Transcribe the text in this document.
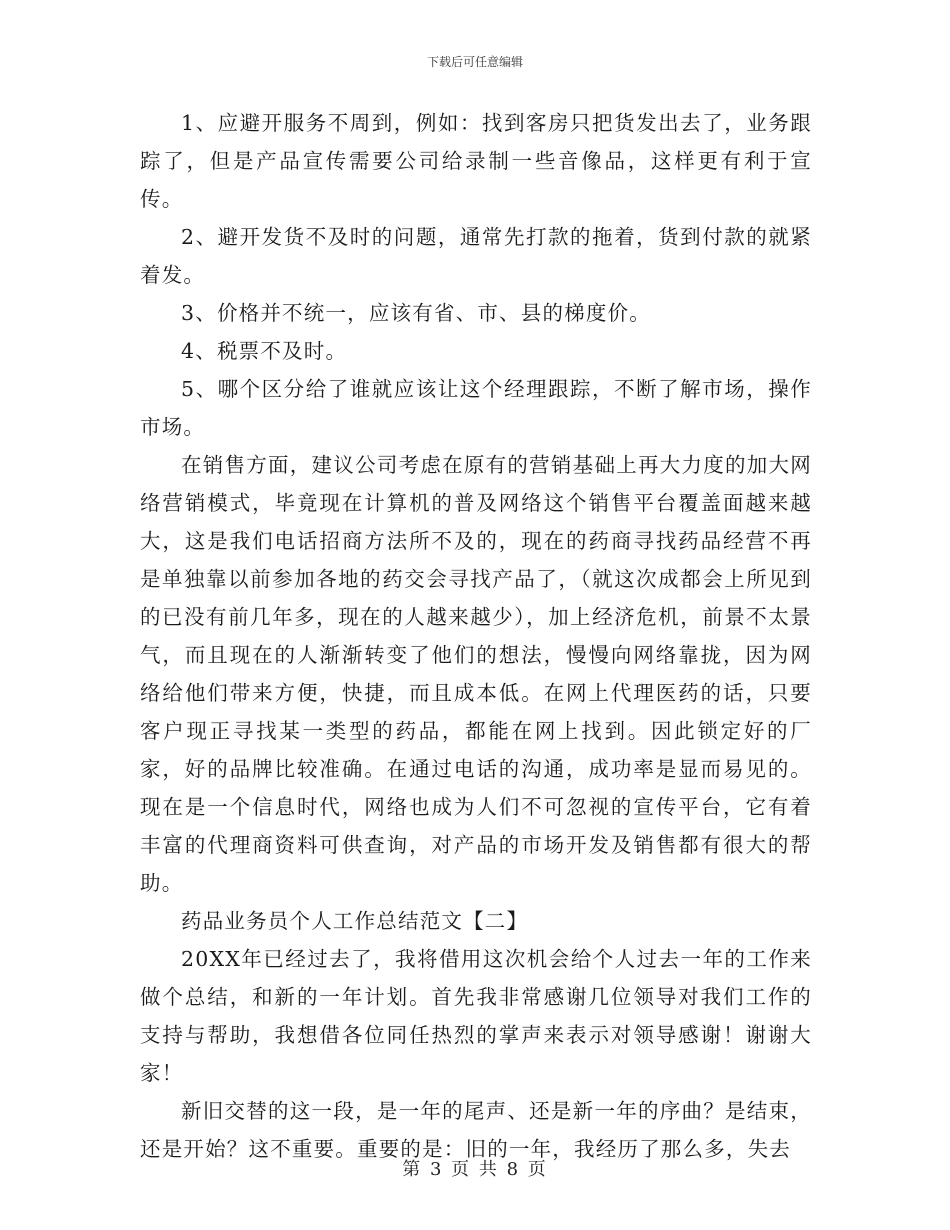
下载后可任意编辑

1、应避开服务不周到，例如：找到客房只把货发出去了，业务跟踪了，但是产品宣传需要公司给录制一些音像品，这样更有利于宣传。

2、避开发货不及时的问题，通常先打款的拖着，货到付款的就紧着发。

3、价格并不统一，应该有省、市、县的梯度价。

4、税票不及时。

5、哪个区分给了谁就应该让这个经理跟踪，不断了解市场，操作市场。

在销售方面，建议公司考虑在原有的营销基础上再大力度的加大网络营销模式，毕竟现在计算机的普及网络这个销售平台覆盖面越来越大，这是我们电话招商方法所不及的，现在的药商寻找药品经营不再是单独靠以前参加各地的药交会寻找产品了，（就这次成都会上所见到的已没有前几年多，现在的人越来越少），加上经济危机，前景不太景气，而且现在的人渐渐转变了他们的想法，慢慢向网络靠拢，因为网络给他们带来方便，快捷，而且成本低。在网上代理医药的话，只要客户现正寻找某一类型的药品，都能在网上找到。因此锁定好的厂家，好的品牌比较准确。在通过电话的沟通，成功率是显而易见的。现在是一个信息时代，网络也成为人们不可忽视的宣传平台，它有着丰富的代理商资料可供查询，对产品的市场开发及销售都有很大的帮助。

药品业务员个人工作总结范文【二】

20XX年已经过去了，我将借用这次机会给个人过去一年的工作来做个总结，和新的一年计划。首先我非常感谢几位领导对我们工作的支持与帮助，我想借各位同任热烈的掌声来表示对领导感谢！谢谢大家！

新旧交替的这一段，是一年的尾声、还是新一年的序曲？是结束，还是开始？这不重要。重要的是：旧的一年，我经历了那么多，失去

第 3 页 共 8 页
